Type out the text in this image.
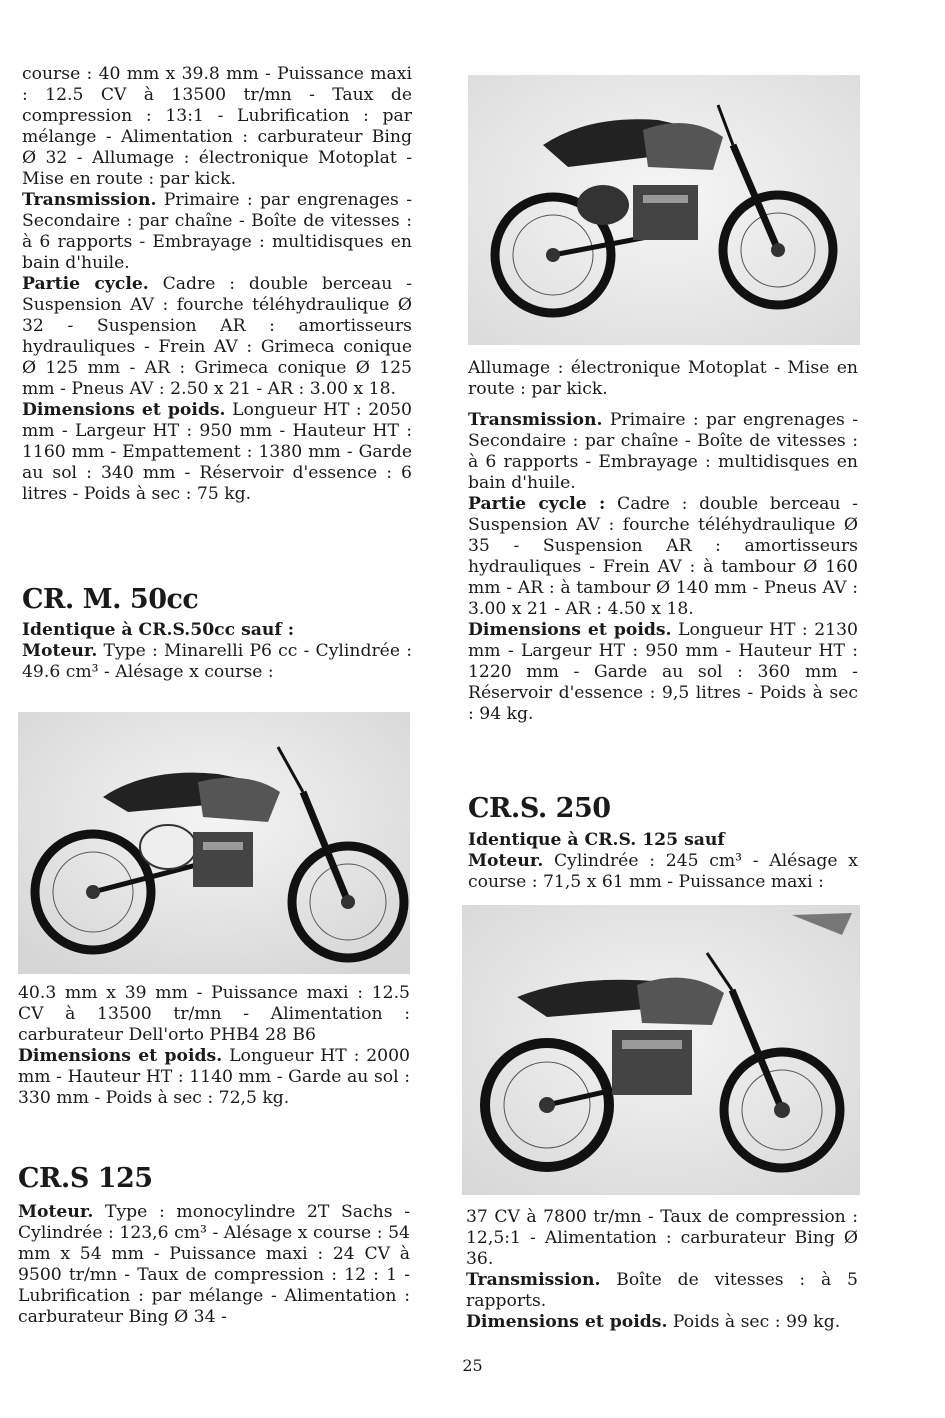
course : 40 mm x 39.8 mm - Puissance maxi : 12.5 CV à 13500 tr/mn - Taux de compression : 13:1 - Lubrification : par mélange - Alimentation : carburateur Bing Ø 32 - Allumage : électronique Motoplat - Mise en route : par kick.

Transmission. Primaire : par engrenages - Secondaire : par chaîne - Boîte de vitesses : à 6 rapports - Embrayage : multidisques en bain d'huile.

Partie cycle. Cadre : double berceau - Suspension AV : fourche téléhydraulique Ø 32 - Suspension AR : amortisseurs hydrauliques - Frein AV : Grimeca conique Ø 125 mm - AR : Grimeca conique Ø 125 mm - Pneus AV : 2.50 x 21 - AR : 3.00 x 18.

Dimensions et poids. Longueur HT : 2050 mm - Largeur HT : 950 mm - Hauteur HT : 1160 mm - Empattement : 1380 mm - Garde au sol : 340 mm - Réservoir d'essence : 6 litres - Poids à sec : 75 kg.

CR. M. 50cc

Identique à CR.S.50cc sauf :

Moteur. Type : Minarelli P6 cc - Cylindrée : 49.6 cm³ - Alésage x course :

40.3 mm x 39 mm - Puissance maxi : 12.5 CV à 13500 tr/mn - Alimentation : carburateur Dell'orto PHB4 28 B6

Dimensions et poids. Longueur HT : 2000 mm - Hauteur HT : 1140 mm - Garde au sol : 330 mm - Poids à sec : 72,5 kg.

CR.S 125

Moteur. Type : monocylindre 2T Sachs - Cylindrée : 123,6 cm³ - Alésage x course : 54 mm x 54 mm - Puissance maxi : 24 CV à 9500 tr/mn - Taux de compression : 12 : 1 - Lubrification : par mélange - Alimentation : carburateur Bing Ø 34 -

Allumage : électronique Motoplat - Mise en route : par kick.

Transmission. Primaire : par engrenages - Secondaire : par chaîne - Boîte de vitesses : à 6 rapports - Embrayage : multidisques en bain d'huile.

Partie cycle : Cadre : double berceau - Suspension AV : fourche téléhydraulique Ø 35 - Suspension AR : amortisseurs hydrauliques - Frein AV : à tambour Ø 160 mm - AR : à tambour Ø 140 mm - Pneus AV : 3.00 x 21 - AR : 4.50 x 18.

Dimensions et poids. Longueur HT : 2130 mm - Largeur HT : 950 mm - Hauteur HT : 1220 mm - Garde au sol : 360 mm - Réservoir d'essence : 9,5 litres - Poids à sec : 94 kg.

CR.S. 250

Identique à CR.S. 125 sauf

Moteur. Cylindrée : 245 cm³ - Alésage x course : 71,5 x 61 mm - Puissance maxi :

37 CV à 7800 tr/mn - Taux de compression : 12,5:1 - Alimentation : carburateur Bing Ø 36.

Transmission. Boîte de vitesses : à 5 rapports.

Dimensions et poids. Poids à sec : 99 kg.

25
